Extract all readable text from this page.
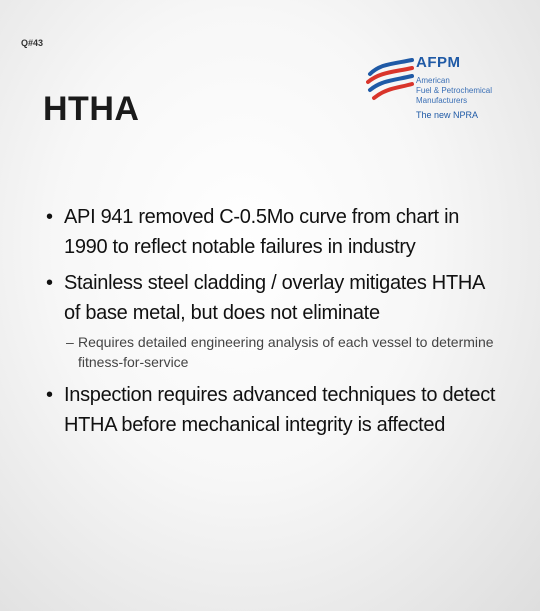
Q#43
HTHA
AFPM
American
Fuel & Petrochemical
Manufacturers
The new NPRA
• API 941 removed C-0.5Mo curve from chart in 1990 to reflect notable failures in industry
• Stainless steel cladding / overlay mitigates HTHA of base metal, but does not eliminate
– Requires detailed engineering analysis of each vessel to determine fitness-for-service
• Inspection requires advanced techniques to detect HTHA before mechanical integrity is affected
